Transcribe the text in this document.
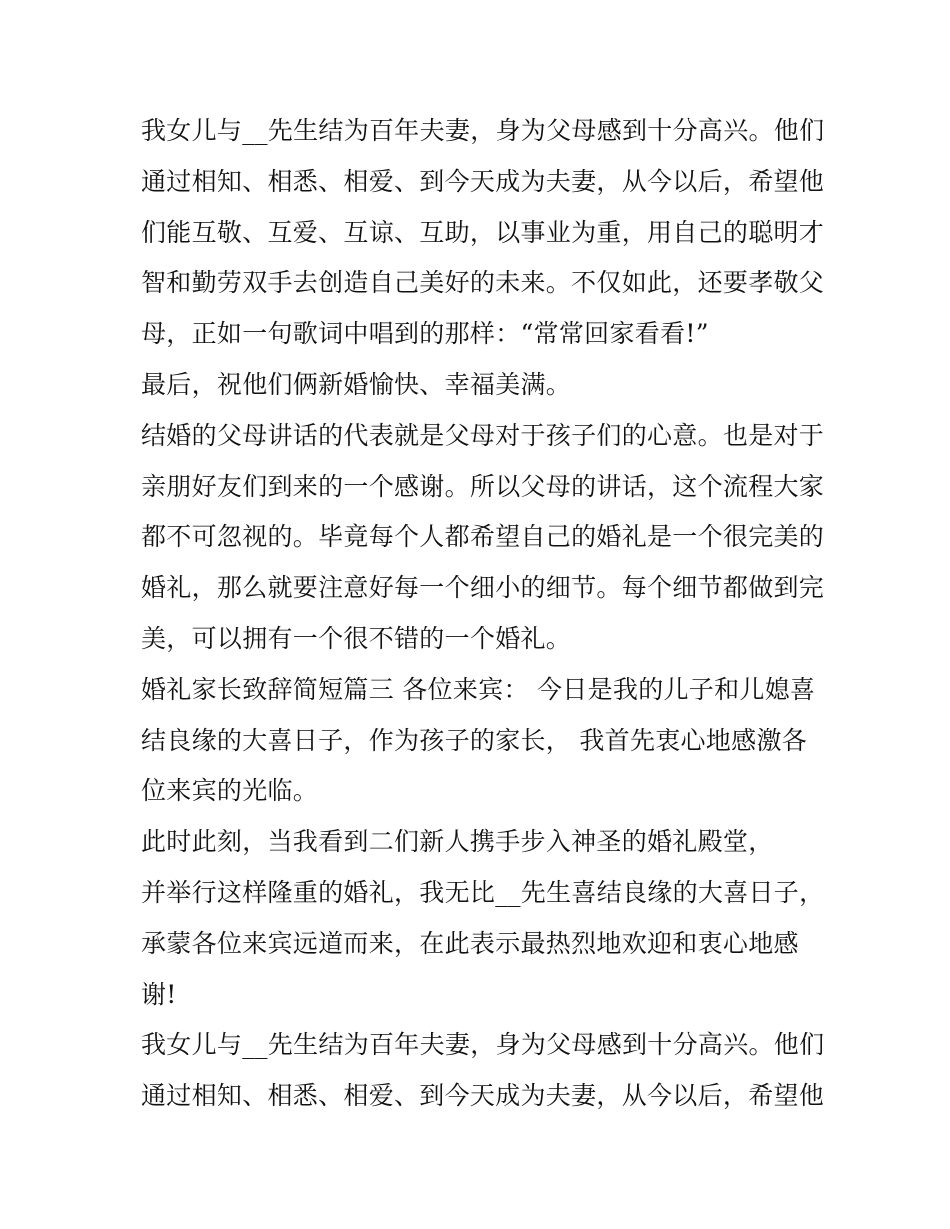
我女儿与__先生结为百年夫妻，身为父母感到十分高兴。他们
通过相知、相悉、相爱、到今天成为夫妻，从今以后，希望他
们能互敬、互爱、互谅、互助，以事业为重，用自己的聪明才
智和勤劳双手去创造自己美好的未来。不仅如此，还要孝敬父
母，正如一句歌词中唱到的那样：“常常回家看看!”
最后，祝他们俩新婚愉快、幸福美满。
结婚的父母讲话的代表就是父母对于孩子们的心意。也是对于
亲朋好友们到来的一个感谢。所以父母的讲话，这个流程大家
都不可忽视的。毕竟每个人都希望自己的婚礼是一个很完美的
婚礼，那么就要注意好每一个细小的细节。每个细节都做到完
美，可以拥有一个很不错的一个婚礼。
婚礼家长致辞简短篇三 各位来宾： 今日是我的儿子和儿媳喜
结良缘的大喜日子，作为孩子的家长， 我首先衷心地感激各
位来宾的光临。
此时此刻，当我看到二们新人携手步入神圣的婚礼殿堂，
并举行这样隆重的婚礼，我无比__先生喜结良缘的大喜日子，
承蒙各位来宾远道而来，在此表示最热烈地欢迎和衷心地感
谢!
我女儿与__先生结为百年夫妻，身为父母感到十分高兴。他们
通过相知、相悉、相爱、到今天成为夫妻，从今以后，希望他
